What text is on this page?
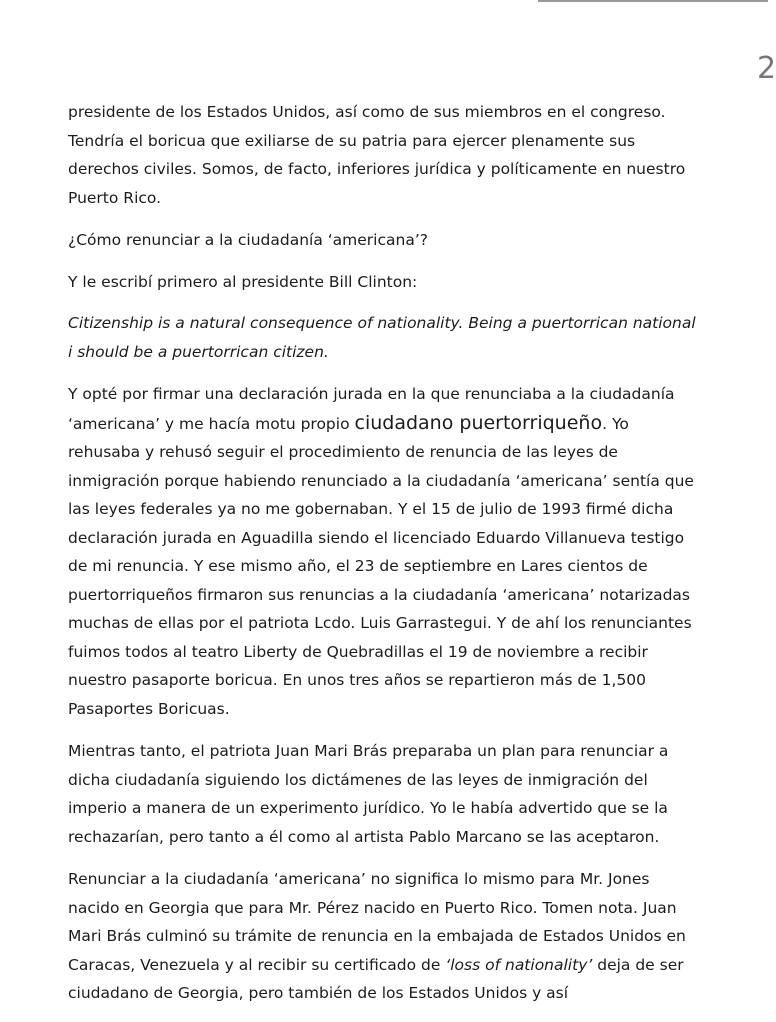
2

presidente de los Estados Unidos, así como de sus miembros en el congreso. Tendría el boricua que exiliarse de su patria para ejercer plenamente sus derechos civiles. Somos, de facto, inferiores jurídica y políticamente en nuestro Puerto Rico.

¿Cómo renunciar a la ciudadanía ‘americana’?

Y le escribí primero al presidente Bill Clinton:

Citizenship is a natural consequence of nationality. Being a puertorrican national i should be a puertorrican citizen.

Y opté por firmar una declaración jurada en la que renunciaba a la ciudadanía ‘americana’ y me hacía motu propio ciudadano puertorriqueño. Yo rehusaba y rehusó seguir el procedimiento de renuncia de las leyes de inmigración porque habiendo renunciado a la ciudadanía ‘americana’ sentía que las leyes federales ya no me gobernaban. Y el 15 de julio de 1993 firmé dicha declaración jurada en Aguadilla siendo el licenciado Eduardo Villanueva testigo de mi renuncia. Y ese mismo año, el 23 de septiembre en Lares cientos de puertorriqueños firmaron sus renuncias a la ciudadanía ‘americana’ notarizadas muchas de ellas por el patriota Lcdo. Luis Garrastegui. Y de ahí los renunciantes fuimos todos al teatro Liberty de Quebradillas el 19 de noviembre a recibir nuestro pasaporte boricua. En unos tres años se repartieron más de 1,500 Pasaportes Boricuas.

Mientras tanto, el patriota Juan Mari Brás preparaba un plan para renunciar a dicha ciudadanía siguiendo los dictámenes de las leyes de inmigración del imperio a manera de un experimento jurídico. Yo le había advertido que se la rechazarían, pero tanto a él como al artista Pablo Marcano se las aceptaron.

Renunciar a la ciudadanía ‘americana’ no significa lo mismo para Mr. Jones nacido en Georgia que para Mr. Pérez nacido en Puerto Rico. Tomen nota. Juan Mari Brás culminó su trámite de renuncia en la embajada de Estados Unidos en Caracas, Venezuela y al recibir su certificado de ‘loss of nationality’ deja de ser ciudadano de Georgia, pero también de los Estados Unidos y así
